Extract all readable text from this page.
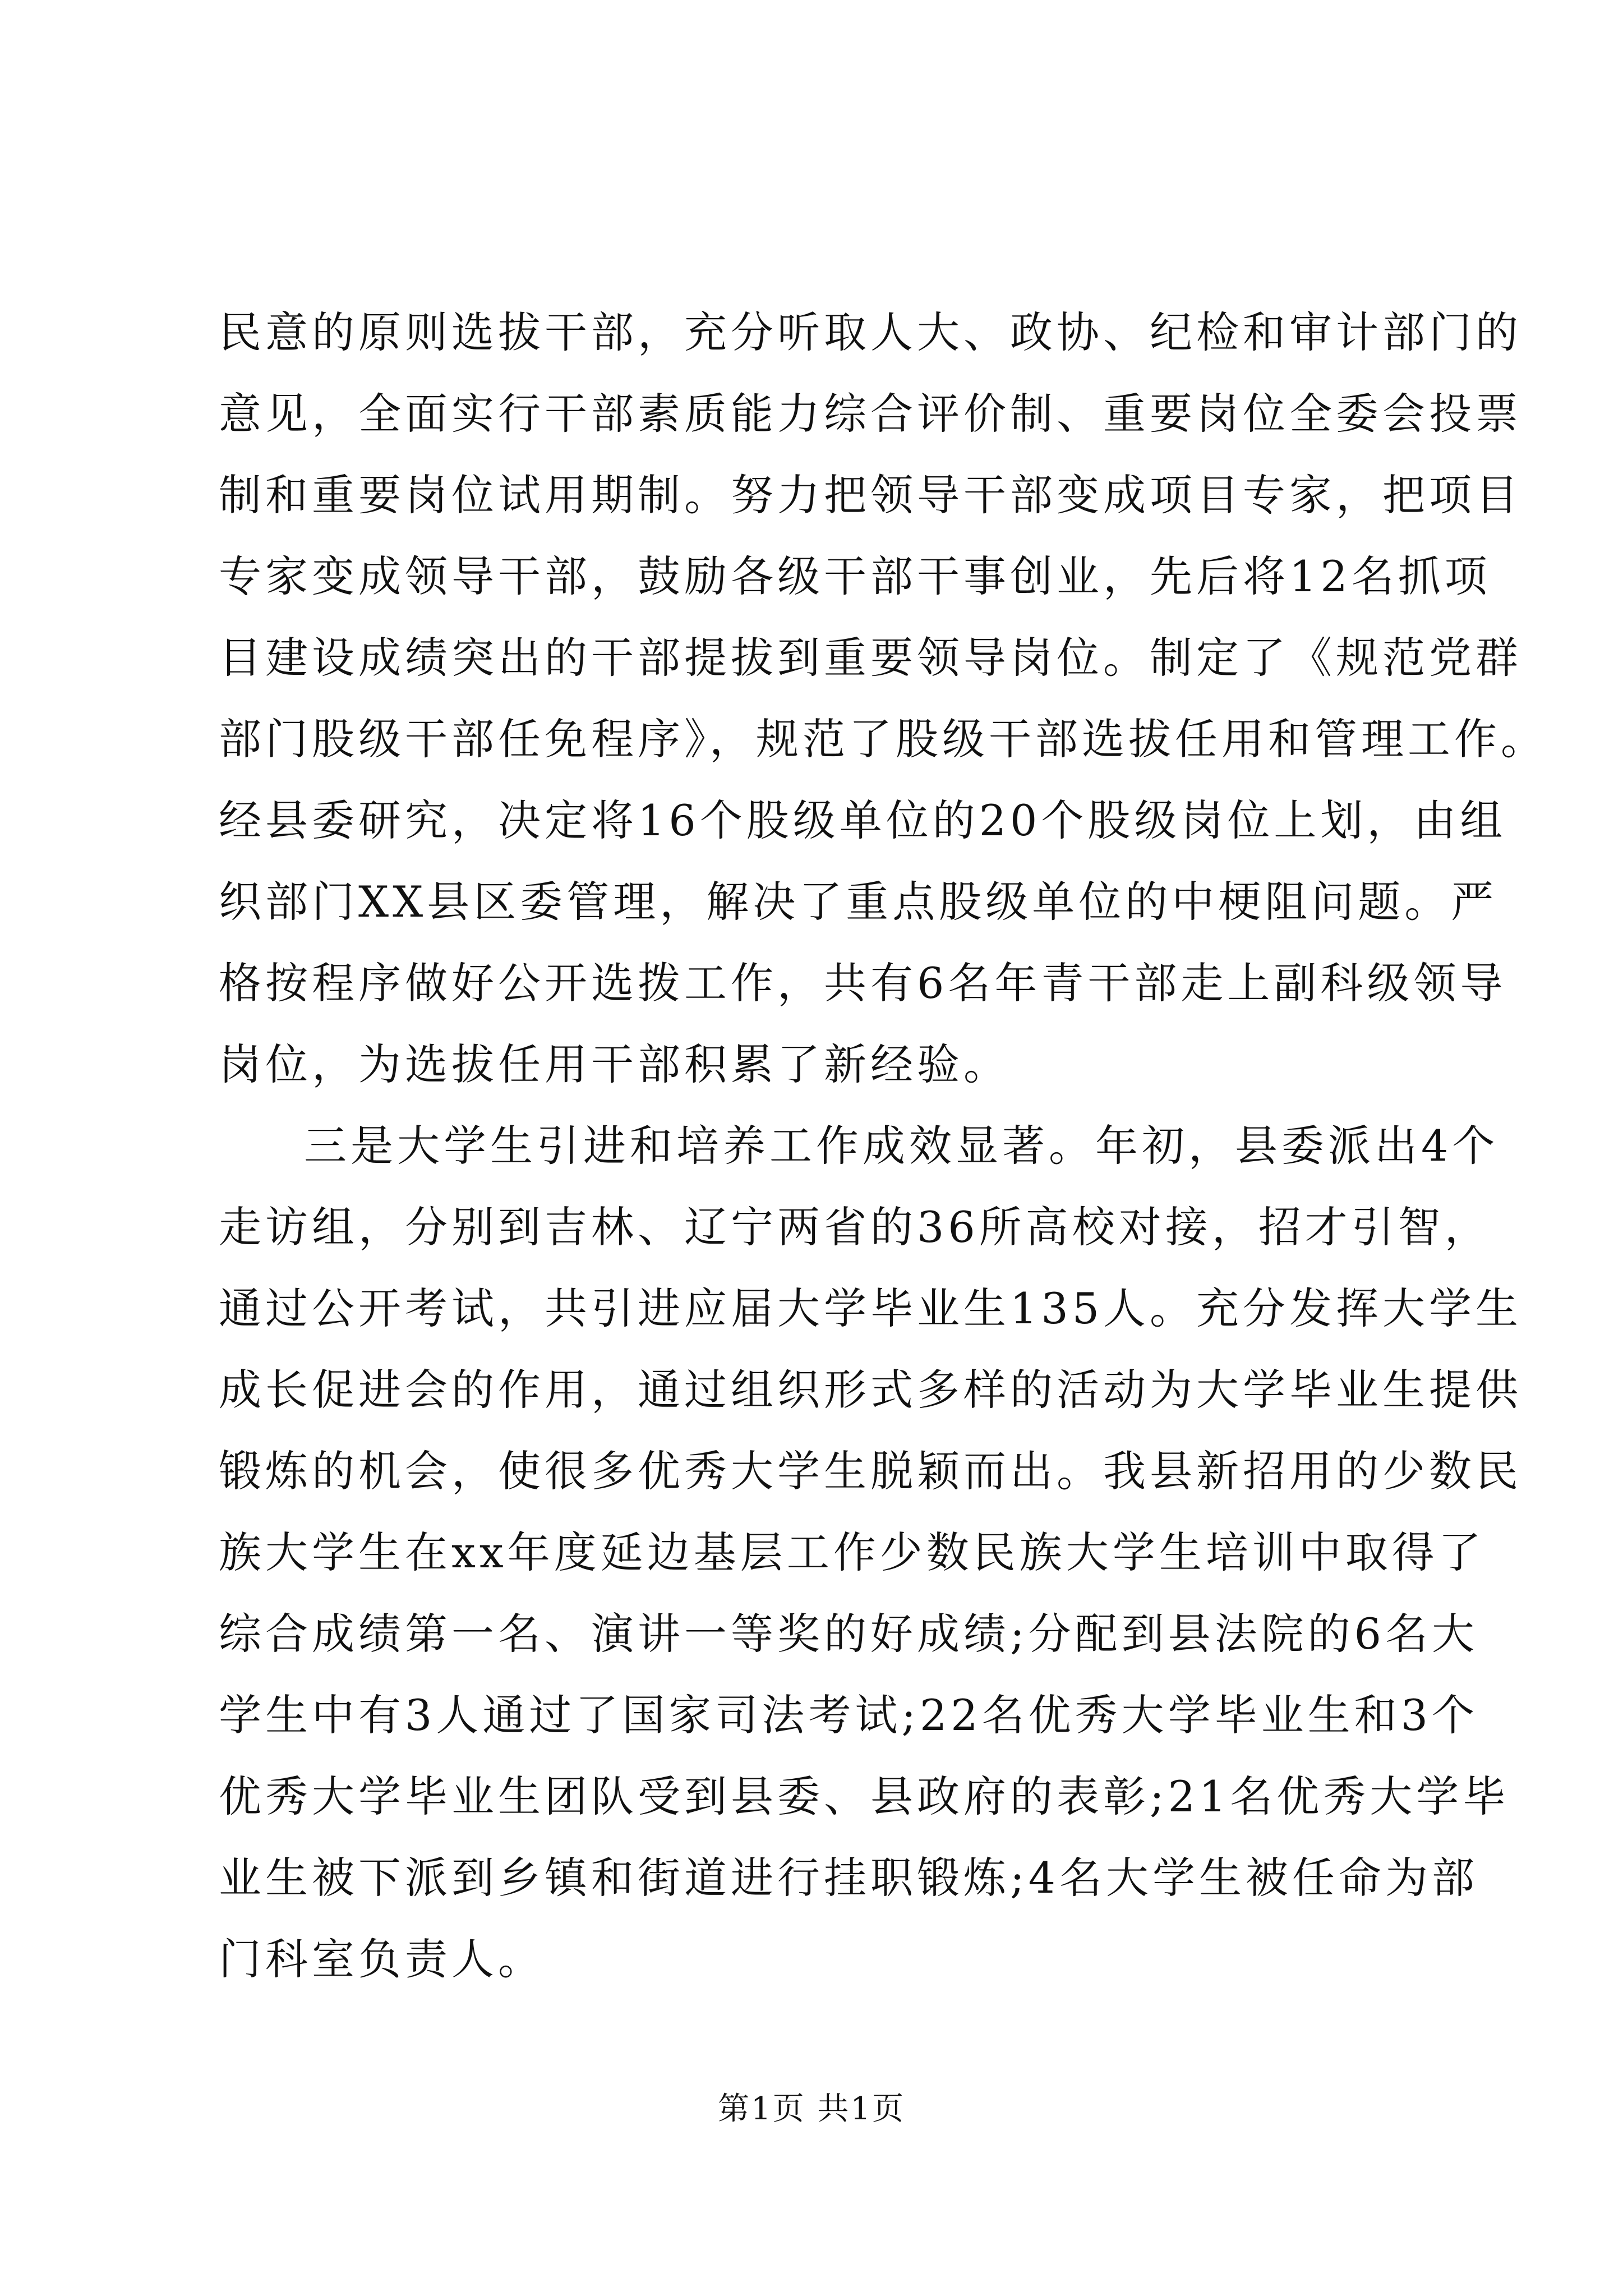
民意的原则选拔干部，充分听取人大、政协、纪检和审计部门的
意见，全面实行干部素质能力综合评价制、重要岗位全委会投票
制和重要岗位试用期制。努力把领导干部变成项目专家，把项目
专家变成领导干部，鼓励各级干部干事创业，先后将12名抓项
目建设成绩突出的干部提拔到重要领导岗位。制定了《规范党群
部门股级干部任免程序》，规范了股级干部选拔任用和管理工作。
经县委研究，决定将16个股级单位的20个股级岗位上划，由组
织部门XX县区委管理，解决了重点股级单位的中梗阻问题。严
格按程序做好公开选拨工作，共有6名年青干部走上副科级领导
岗位，为选拔任用干部积累了新经验。
三是大学生引进和培养工作成效显著。年初，县委派出4个
走访组，分别到吉林、辽宁两省的36所高校对接，招才引智，
通过公开考试，共引进应届大学毕业生135人。充分发挥大学生
成长促进会的作用，通过组织形式多样的活动为大学毕业生提供
锻炼的机会，使很多优秀大学生脱颖而出。我县新招用的少数民
族大学生在xx年度延边基层工作少数民族大学生培训中取得了
综合成绩第一名、演讲一等奖的好成绩;分配到县法院的6名大
学生中有3人通过了国家司法考试;22名优秀大学毕业生和3个
优秀大学毕业生团队受到县委、县政府的表彰;21名优秀大学毕
业生被下派到乡镇和街道进行挂职锻炼;4名大学生被任命为部
门科室负责人。
第1页 共1页
